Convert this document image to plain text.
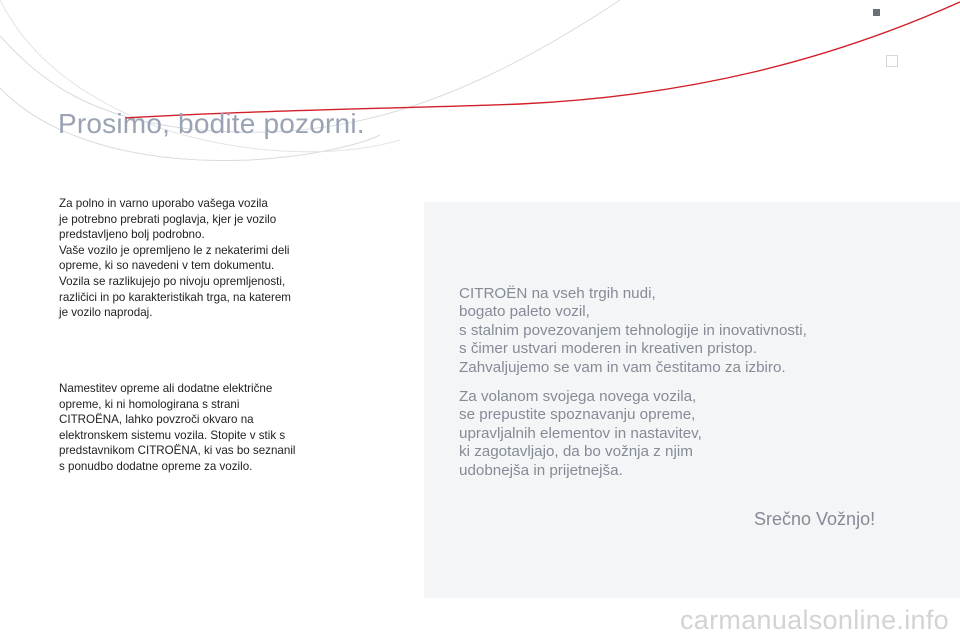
Prosimo, bodite pozorni.
Za polno in varno uporabo vašega vozila
je potrebno prebrati poglavja, kjer je vozilo
predstavljeno bolj podrobno.
Vaše vozilo je opremljeno le z nekaterimi deli
opreme, ki so navedeni v tem dokumentu.
Vozila se razlikujejo po nivoju opremljenosti,
različici in po karakteristikah trga, na katerem
je vozilo naprodaj.
Namestitev opreme ali dodatne električne
opreme, ki ni homologirana s strani
CITROËNA, lahko povzroči okvaro na
elektronskem sistemu vozila. Stopite v stik s
predstavnikom CITROËNA, ki vas bo seznanil
s ponudbo dodatne opreme za vozilo.
CITROËN na vseh trgih nudi,
bogato paleto vozil,
s stalnim povezovanjem tehnologije in inovativnosti,
s čimer ustvari moderen in kreativen pristop.
Zahvaljujemo se vam in vam čestitamo za izbiro.
Za volanom svojega novega vozila,
se prepustite spoznavanju opreme,
upravljalnih elementov in nastavitev,
ki zagotavljajo, da bo vožnja z njim
udobnejša in prijetnejša.
Srečno Vožnjo!
carmanualsonline.info
